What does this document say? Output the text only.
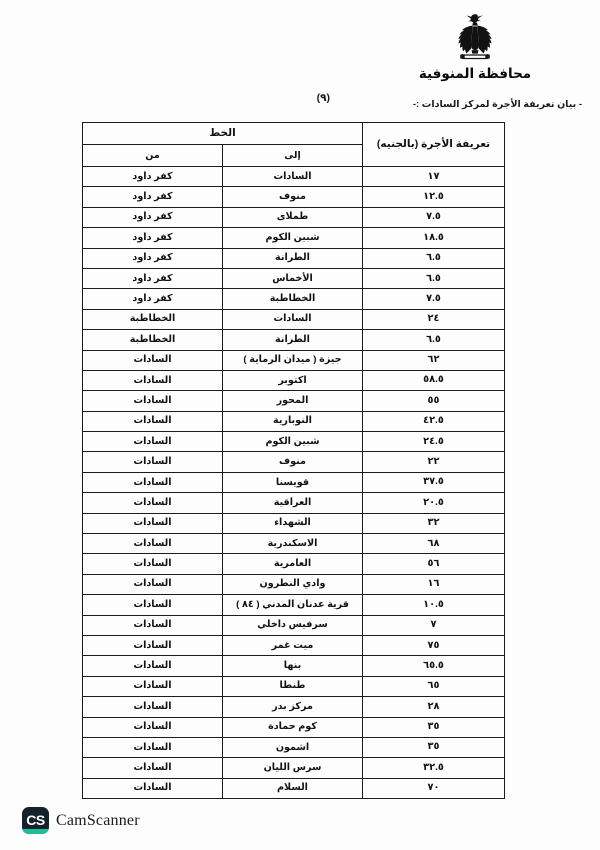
محافظة المنوفية
(٩)
- بيان تعريفة الأجرة لمركز السادات :-
تعريفة الأجرة (بالجنيه)	الخط	
	إلى	من
١٧	السادات	كفر داود
١٢.٥	منوف	كفر داود
٧.٥	طملاى	كفر داود
١٨.٥	شبين الكوم	كفر داود
٦.٥	الطرانة	كفر داود
٦.٥	الأخماس	كفر داود
٧.٥	الخطاطبة	كفر داود
٢٤	السادات	الخطاطبة
٦.٥	الطرانة	الخطاطبة
٦٢	جيزة ( ميدان الرماية )	السادات
٥٨.٥	اكتوبر	السادات
٥٥	المحور	السادات
٤٢.٥	النوبارية	السادات
٢٤.٥	شبين الكوم	السادات
٢٢	منوف	السادات
٣٧.٥	قويسنا	السادات
٢٠.٥	العراقية	السادات
٣٢	الشهداء	السادات
٦٨	الاسكندرية	السادات
٥٦	العامرية	السادات
١٦	وادي النطرون	السادات
١٠.٥	قرية عدنان المدني ( ٨٤ )	السادات
٧	سرفيس داخلي	السادات
٧٥	ميت غمر	السادات
٦٥.٥	بنها	السادات
٦٥	طنطا	السادات
٢٨	مركز بدر	السادات
٣٥	كوم حمادة	السادات
٣٥	اشمون	السادات
٣٢.٥	سرس الليان	السادات
٧٠	السلام	السادات
CS CamScanner
